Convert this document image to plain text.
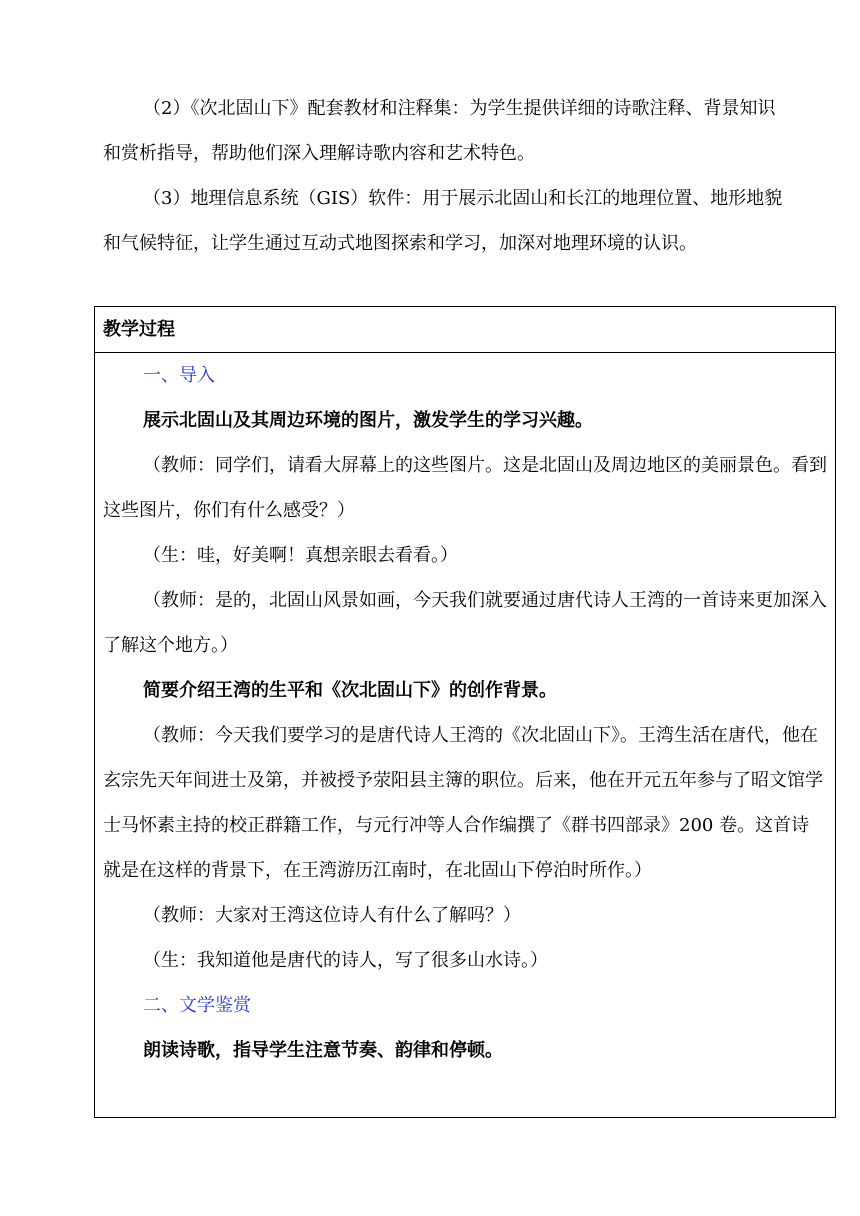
（2）《次北固山下》配套教材和注释集：为学生提供详细的诗歌注释、背景知识和赏析指导，帮助他们深入理解诗歌内容和艺术特色。

（3）地理信息系统（GIS）软件：用于展示北固山和长江的地理位置、地形地貌和气候特征，让学生通过互动式地图探索和学习，加深对地理环境的认识。

教学过程

一、导入

展示北固山及其周边环境的图片，激发学生的学习兴趣。

（教师：同学们，请看大屏幕上的这些图片。这是北固山及周边地区的美丽景色。看到这些图片，你们有什么感受？）

（生：哇，好美啊！真想亲眼去看看。）

（教师：是的，北固山风景如画，今天我们就要通过唐代诗人王湾的一首诗来更加深入了解这个地方。）

简要介绍王湾的生平和《次北固山下》的创作背景。

（教师：今天我们要学习的是唐代诗人王湾的《次北固山下》。王湾生活在唐代，他在玄宗先天年间进士及第，并被授予荥阳县主簿的职位。后来，他在开元五年参与了昭文馆学士马怀素主持的校正群籍工作，与元行冲等人合作编撰了《群书四部录》200 卷。这首诗就是在这样的背景下，在王湾游历江南时，在北固山下停泊时所作。）

（教师：大家对王湾这位诗人有什么了解吗？）

（生：我知道他是唐代的诗人，写了很多山水诗。）

二、文学鉴赏

朗读诗歌，指导学生注意节奏、韵律和停顿。
